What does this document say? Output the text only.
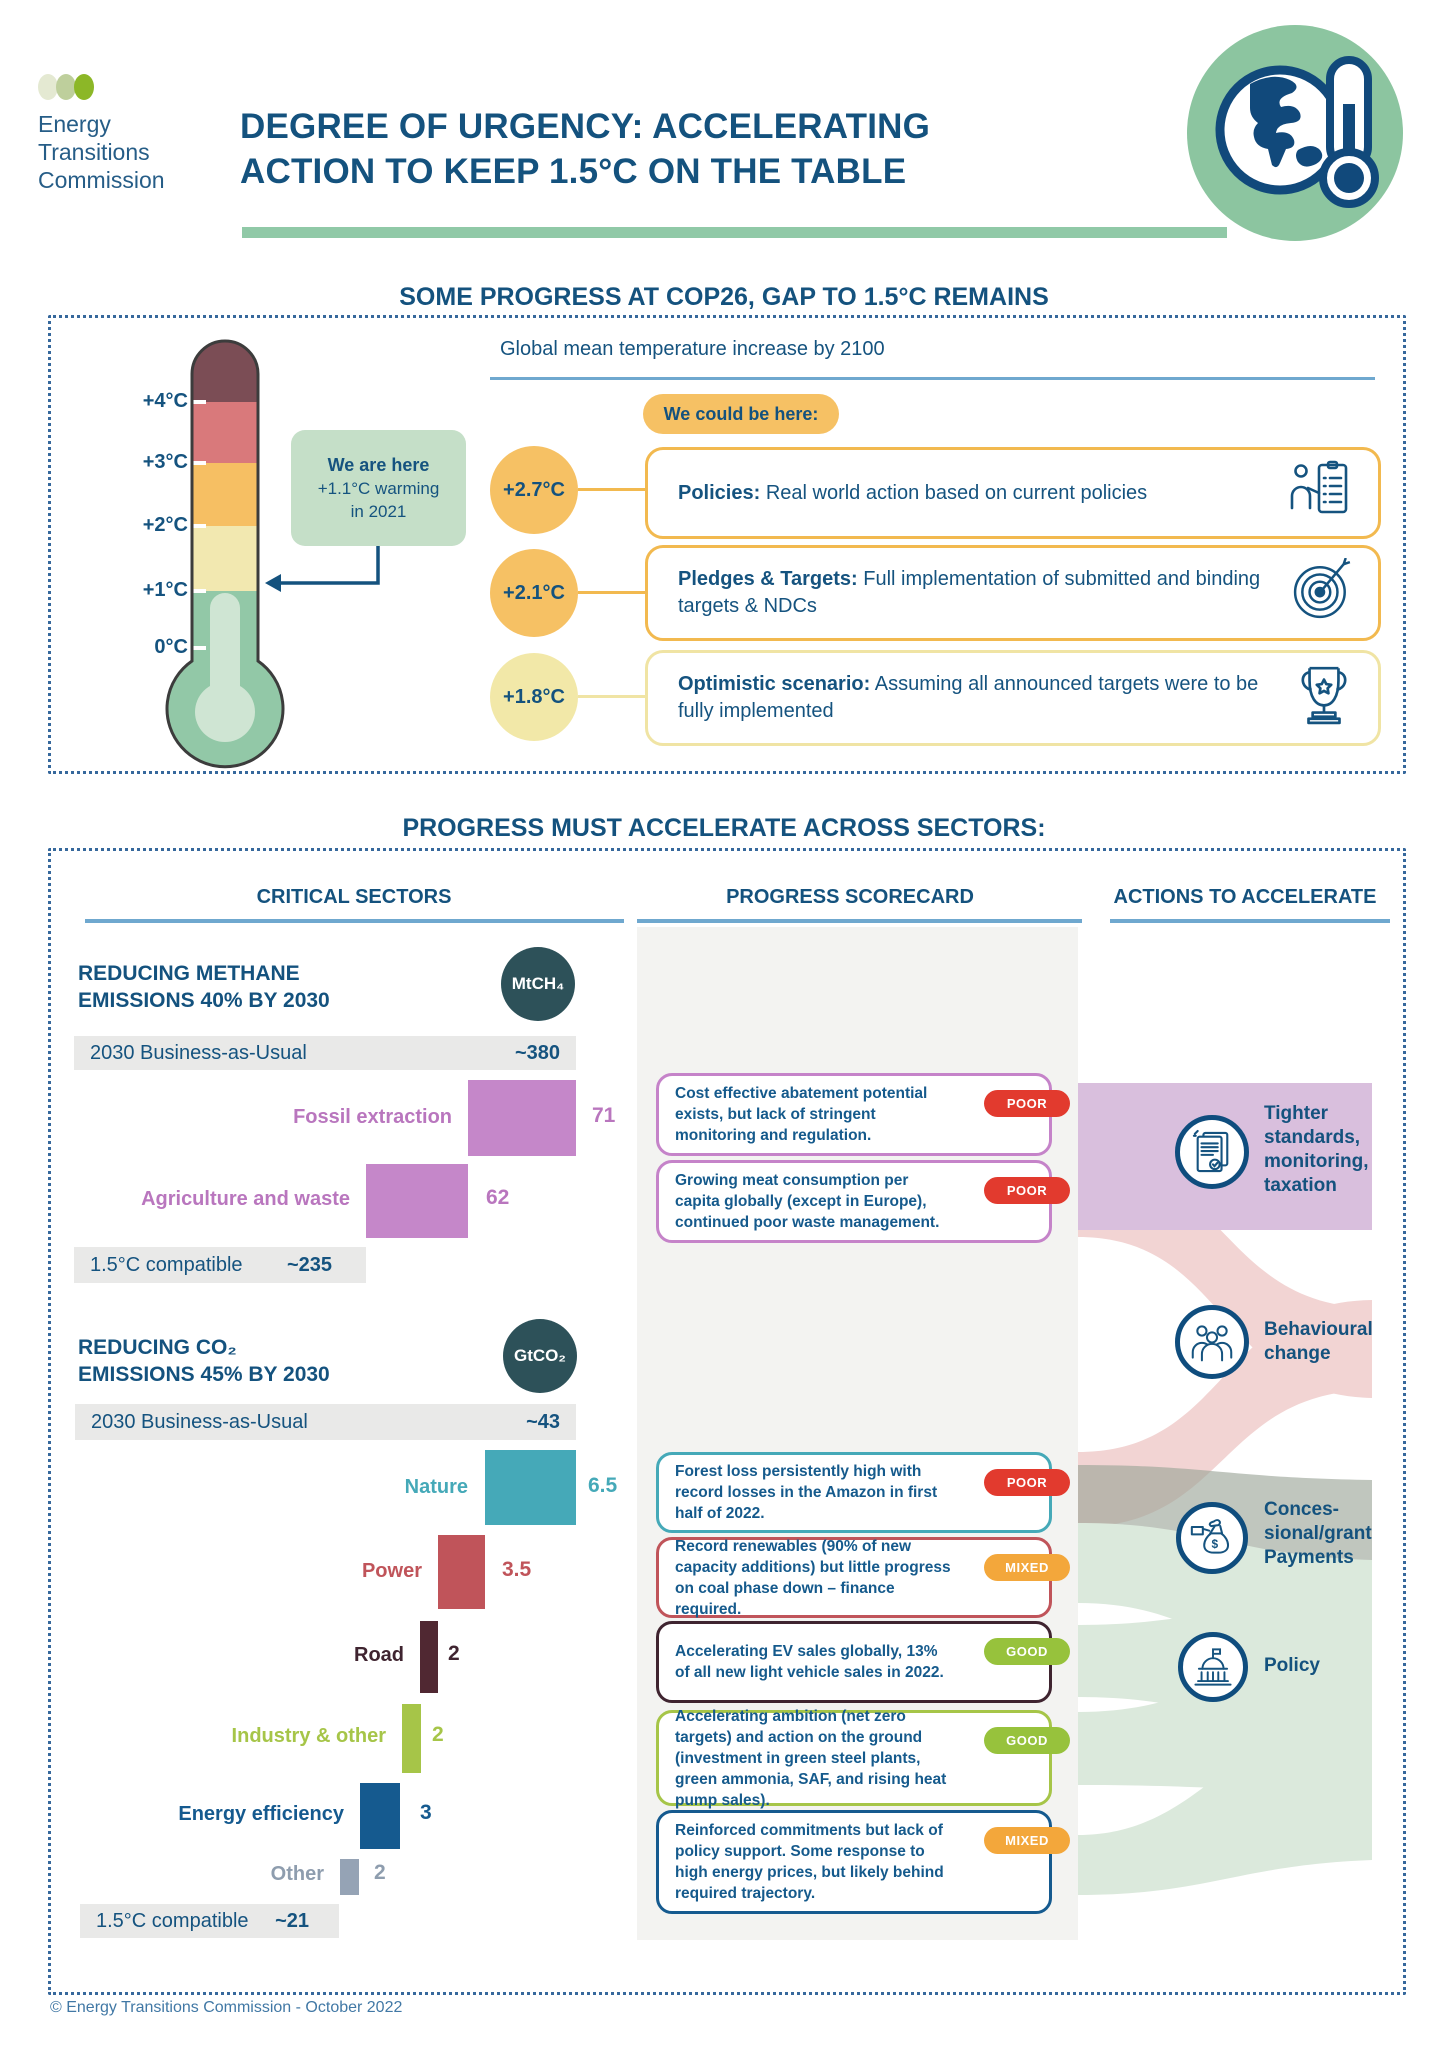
Energy
Transitions
Commission
DEGREE OF URGENCY: ACCELERATING
ACTION TO KEEP 1.5°C ON THE TABLE
SOME PROGRESS AT COP26, GAP TO 1.5°C REMAINS
+4°C
+3°C
+2°C
+1°C
0°C
We are here
+1.1°C warming
in 2021
Global mean temperature increase by 2100
We could be here:
+2.7°C	Policies: Real world action based on current policies
+2.1°C
Pledges & Targets: Full implementation of submitted and binding targets & NDCs
+1.8°C
Optimistic scenario: Assuming all announced targets were to be fully implemented
PROGRESS MUST ACCELERATE ACROSS SECTORS:
CRITICAL SECTORS	PROGRESS SCORECARD	ACTIONS TO ACCELERATE
REDUCING METHANE
EMISSIONS 40% BY 2030
MtCH₄
2030 Business-as-Usual	~380
Fossil extraction	71
Agriculture and waste	62
1.5°C compatible ~235
REDUCING CO₂
EMISSIONS 45% BY 2030
GtCO₂
2030 Business-as-Usual	~43
Nature	6.5
Power	3.5
Road 2
Industry & other 2
Energy efficiency	3
Other 2
1.5°C compatible ~21
Cost effective abatement potential exists, but lack of stringent monitoring and regulation.
POOR
Growing meat consumption per capita globally (except in Europe), continued poor waste management.
POOR
Forest loss persistently high with record losses in the Amazon in first half of 2022.
POOR
Record renewables (90% of new capacity additions) but little progress on coal phase down – finance required.
MIXED
Accelerating EV sales globally, 13% of all new light vehicle sales in 2022.
GOOD
Accelerating ambition (net zero targets) and action on the ground (investment in green steel plants, green ammonia, SAF, and rising heat pump sales).
GOOD
Reinforced commitments but lack of policy support. Some response to high energy prices, but likely behind required trajectory.
MIXED
Tighter
standards,
monitoring,
taxation
Behavioural
change
$
Conces-
sional/grant
Payments
Policy
© Energy Transitions Commission - October 2022
